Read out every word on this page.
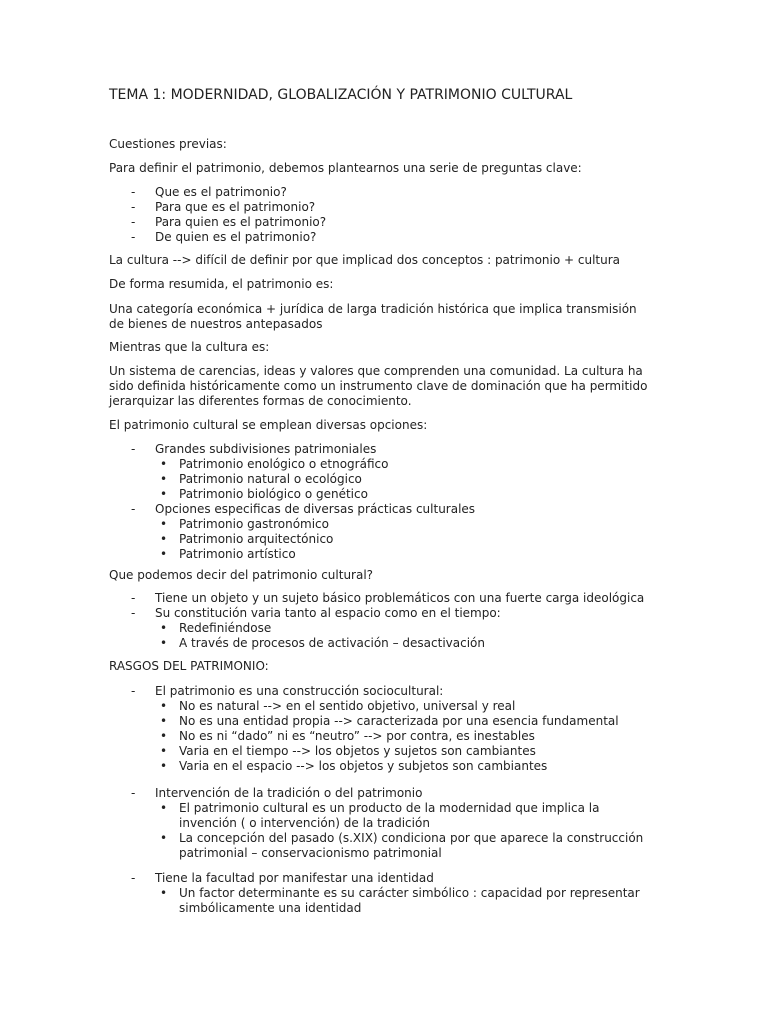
TEMA 1: MODERNIDAD, GLOBALIZACIÓN Y PATRIMONIO CULTURAL

Cuestiones previas:

Para definir el patrimonio, debemos plantearnos una serie de preguntas clave:

- Que es el patrimonio?
- Para que es el patrimonio?
- Para quien es el patrimonio?
- De quien es el patrimonio?

La cultura --> difícil de definir por que implicad dos conceptos : patrimonio + cultura

De forma resumida, el patrimonio es:

Una categoría económica + jurídica de larga tradición histórica que implica transmisión de bienes de nuestros antepasados

Mientras que la cultura es:

Un sistema de carencias, ideas y valores que comprenden una comunidad. La cultura ha sido definida históricamente como un instrumento clave de dominación que ha permitido jerarquizar las diferentes formas de conocimiento.

El patrimonio cultural se emplean diversas opciones:

- Grandes subdivisiones patrimoniales
• Patrimonio enológico o etnográfico
• Patrimonio natural o ecológico
• Patrimonio biológico o genético
- Opciones especificas de diversas prácticas culturales
• Patrimonio gastronómico
• Patrimonio arquitectónico
• Patrimonio artístico

Que podemos decir del patrimonio cultural?

- Tiene un objeto y un sujeto básico problemáticos con una fuerte carga ideológica
- Su constitución varia tanto al espacio como en el tiempo:
• Redefiniéndose
• A través de procesos de activación – desactivación

RASGOS DEL PATRIMONIO:

- El patrimonio es una construcción sociocultural:
• No es natural --> en el sentido objetivo, universal y real
• No es una entidad propia --> caracterizada por una esencia fundamental
• No es ni “dado” ni es “neutro” --> por contra, es inestables
• Varia en el tiempo --> los objetos y sujetos son cambiantes
• Varia en el espacio --> los objetos y subjetos son cambiantes
- Intervención de la tradición o del patrimonio
• El patrimonio cultural es un producto de la modernidad que implica la invención ( o intervención) de la tradición
• La concepción del pasado (s.XIX) condiciona por que aparece la construcción patrimonial – conservacionismo patrimonial
- Tiene la facultad por manifestar una identidad
• Un factor determinante es su carácter simbólico : capacidad por representar simbólicamente una identidad
